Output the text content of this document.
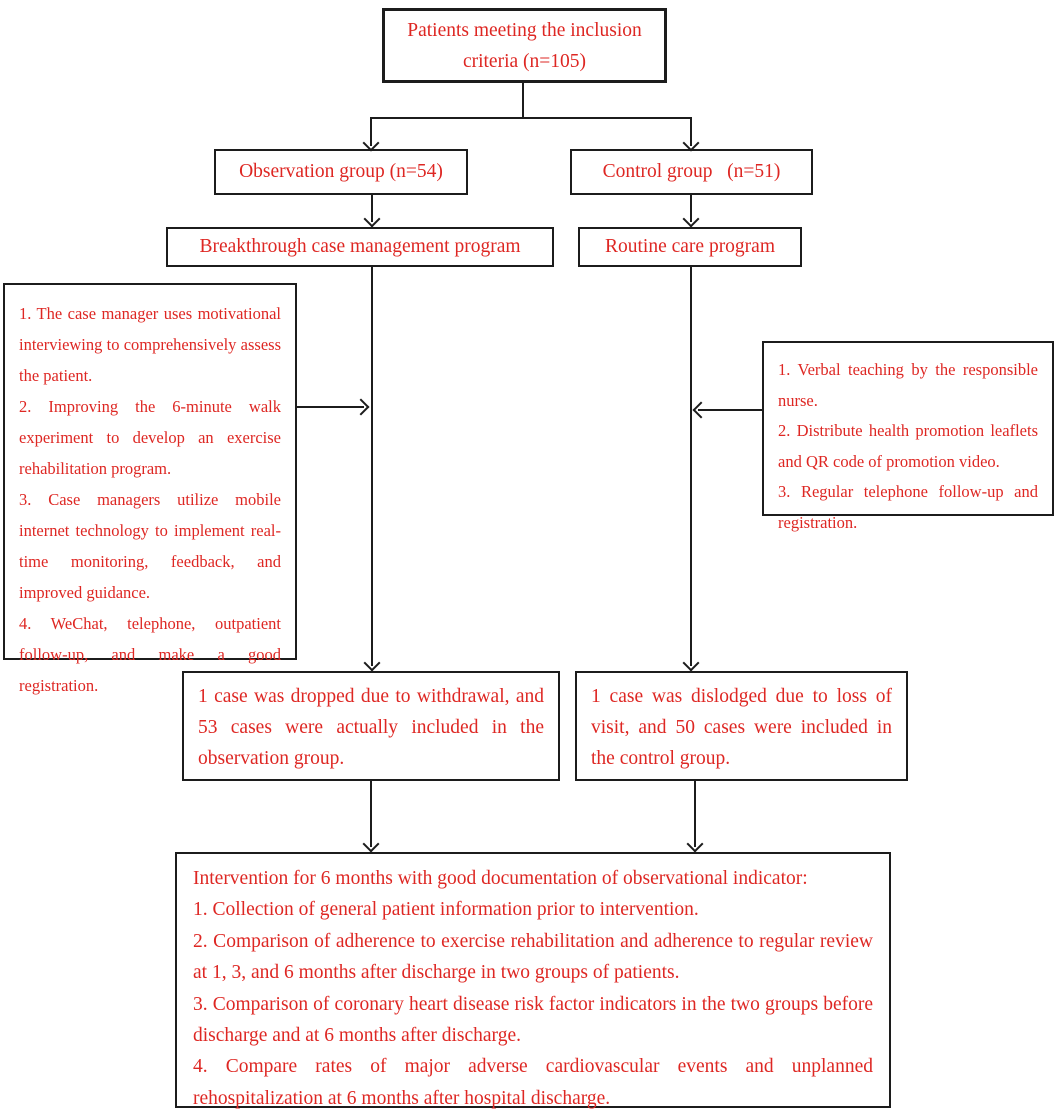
Patients meeting the inclusion criteria (n=105)
Observation group (n=54)	Control group   (n=51)
Breakthrough case management program	Routine care program

1. The case manager uses motivational interviewing to comprehensively assess the patient.

2. Improving the 6-minute walk experiment to develop an exercise rehabilitation program.

3. Case managers utilize mobile internet technology to implement real-time monitoring, feedback, and improved guidance.

4. WeChat, telephone, outpatient follow-up, and make a good registration.

1. Verbal teaching by the responsible nurse.

2. Distribute health promotion leaflets and QR code of promotion video.

3. Regular telephone follow-up and registration.

1 case was dropped due to withdrawal, and 53 cases were actually included in the observation group.

1 case was dislodged due to loss of visit, and 50 cases were included in the control group.

Intervention for 6 months with good documentation of observational indicator:

1. Collection of general patient information prior to intervention.

2. Comparison of adherence to exercise rehabilitation and adherence to regular review at 1, 3, and 6 months after discharge in two groups of patients.

3. Comparison of coronary heart disease risk factor indicators in the two groups before discharge and at 6 months after discharge.

4. Compare rates of major adverse cardiovascular events and unplanned rehospitalization at 6 months after hospital discharge.
